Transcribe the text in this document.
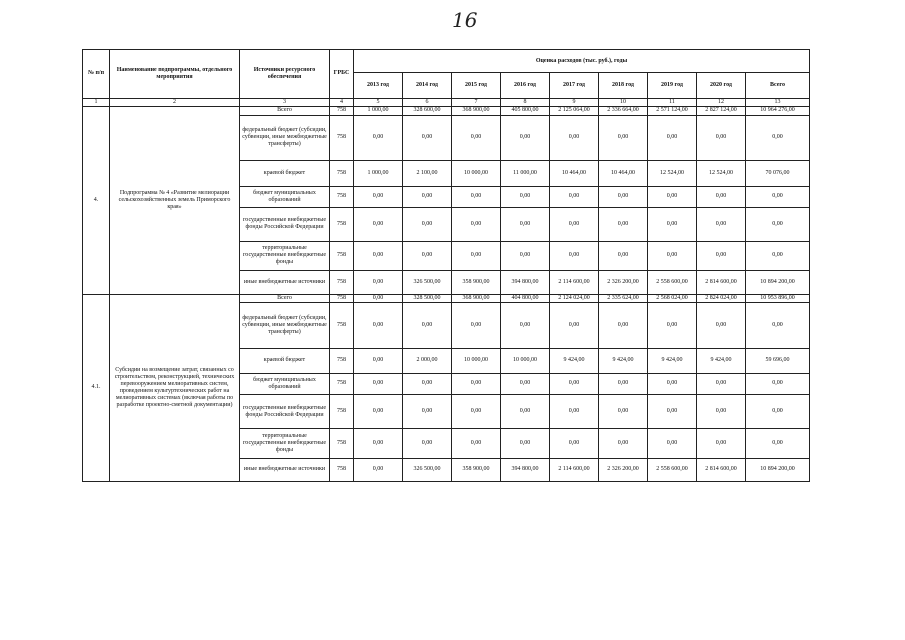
16
№ п/п	Наименование подпрограммы, отдельного мероприятия	Источники ресурсного обеспечения	ГРБС	Оценка расходов (тыс. руб.), годы								
				2013 год	2014 год	2015 год	2016 год	2017 год	2018 год	2019 год	2020 год	Всего
1	2	3	4	5	6	7	8	9	10	11	12	13
4.	Подпрограмма № 4 «Развитие мелиорации сельскохозяйственных земель Приморского края»	Всего	758	1 000,00	328 600,00	368 900,00	405 800,00	2 125 064,00	2 336 664,00	2 571 124,00	2 827 124,00	10 964 276,00
		федеральный бюджет (субсидии, субвенции, иные межбюджетные трансферты)	758	0,00	0,00	0,00	0,00	0,00	0,00	0,00	0,00	0,00
		краевой бюджет	758	1 000,00	2 100,00	10 000,00	11 000,00	10 464,00	10 464,00	12 524,00	12 524,00	70 076,00
		бюджет муниципальных образований	758	0,00	0,00	0,00	0,00	0,00	0,00	0,00	0,00	0,00
		государственные внебюджетные фонды Российской Федерации	758	0,00	0,00	0,00	0,00	0,00	0,00	0,00	0,00	0,00
		территориальные государственные внебюджетные фонды	758	0,00	0,00	0,00	0,00	0,00	0,00	0,00	0,00	0,00
		иные внебюджетные источники	758	0,00	326 500,00	358 900,00	394 800,00	2 114 600,00	2 326 200,00	2 558 600,00	2 814 600,00	10 894 200,00
4.1.	Субсидии на возмещение затрат, связанных со строительством, реконструкцией, технических перевооружением мелиоративных систем, проведением культуртехнических работ на мелиоративных системах (включая работы по разработке проектно-сметной документации)	Всего	758	0,00	328 500,00	368 900,00	404 800,00	2 124 024,00	2 335 624,00	2 568 024,00	2 824 024,00	10 953 896,00
		федеральный бюджет (субсидии, субвенции, иные межбюджетные трансферты)	758	0,00	0,00	0,00	0,00	0,00	0,00	0,00	0,00	0,00
		краевой бюджет	758	0,00	2 000,00	10 000,00	10 000,00	9 424,00	9 424,00	9 424,00	9 424,00	59 696,00
		бюджет муниципальных образований	758	0,00	0,00	0,00	0,00	0,00	0,00	0,00	0,00	0,00
		государственные внебюджетные фонды Российской Федерации	758	0,00	0,00	0,00	0,00	0,00	0,00	0,00	0,00	0,00
		территориальные государственные внебюджетные фонды	758	0,00	0,00	0,00	0,00	0,00	0,00	0,00	0,00	0,00
		иные внебюджетные источники	758	0,00	326 500,00	358 900,00	394 800,00	2 114 600,00	2 326 200,00	2 558 600,00	2 814 600,00	10 894 200,00
